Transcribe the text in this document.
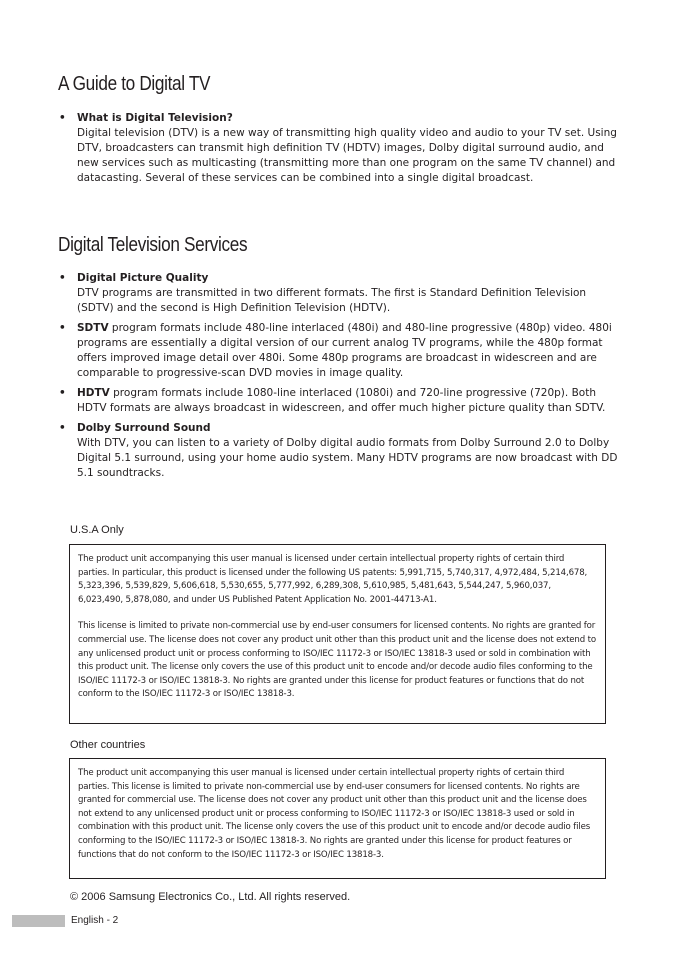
A Guide to Digital TV
• What is Digital Television?
Digital television (DTV) is a new way of transmitting high quality video and audio to your TV set. Using DTV, broadcasters can transmit high definition TV (HDTV) images, Dolby digital surround audio, and new services such as multicasting (transmitting more than one program on the same TV channel) and datacasting. Several of these services can be combined into a single digital broadcast.
Digital Television Services
• Digital Picture Quality
DTV programs are transmitted in two different formats. The first is Standard Definition Television (SDTV) and the second is High Definition Television (HDTV).
• SDTV program formats include 480-line interlaced (480i) and 480-line progressive (480p) video. 480i programs are essentially a digital version of our current analog TV programs, while the 480p format offers improved image detail over 480i. Some 480p programs are broadcast in widescreen and are comparable to progressive-scan DVD movies in image quality.
• HDTV program formats include 1080-line interlaced (1080i) and 720-line progressive (720p). Both HDTV formats are always broadcast in widescreen, and offer much higher picture quality than SDTV.
• Dolby Surround Sound
With DTV, you can listen to a variety of Dolby digital audio formats from Dolby Surround 2.0 to Dolby Digital 5.1 surround, using your home audio system. Many HDTV programs are now broadcast with DD 5.1 soundtracks.

U.S.A Only

The product unit accompanying this user manual is licensed under certain intellectual property rights of certain third parties. In particular, this product is licensed under the following US patents: 5,991,715, 5,740,317, 4,972,484, 5,214,678, 5,323,396, 5,539,829, 5,606,618, 5,530,655, 5,777,992, 6,289,308, 5,610,985, 5,481,643, 5,544,247, 5,960,037, 6,023,490, 5,878,080, and under US Published Patent Application No. 2001-44713-A1.

This license is limited to private non-commercial use by end-user consumers for licensed contents. No rights are granted for commercial use. The license does not cover any product unit other than this product unit and the license does not extend to any unlicensed product unit or process conforming to ISO/IEC 11172-3 or ISO/IEC 13818-3 used or sold in combination with this product unit. The license only covers the use of this product unit to encode and/or decode audio files conforming to the ISO/IEC 11172-3 or ISO/IEC 13818-3. No rights are granted under this license for product features or functions that do not conform to the ISO/IEC 11172-3 or ISO/IEC 13818-3.

Other countries

The product unit accompanying this user manual is licensed under certain intellectual property rights of certain third parties. This license is limited to private non-commercial use by end-user consumers for licensed contents. No rights are granted for commercial use. The license does not cover any product unit other than this product unit and the license does not extend to any unlicensed product unit or process conforming to ISO/IEC 11172-3 or ISO/IEC 13818-3 used or sold in combination with this product unit. The license only covers the use of this product unit to encode and/or decode audio files conforming to the ISO/IEC 11172-3 or ISO/IEC 13818-3. No rights are granted under this license for product features or functions that do not conform to the ISO/IEC 11172-3 or ISO/IEC 13818-3.

© 2006 Samsung Electronics Co., Ltd. All rights reserved.

English - 2
